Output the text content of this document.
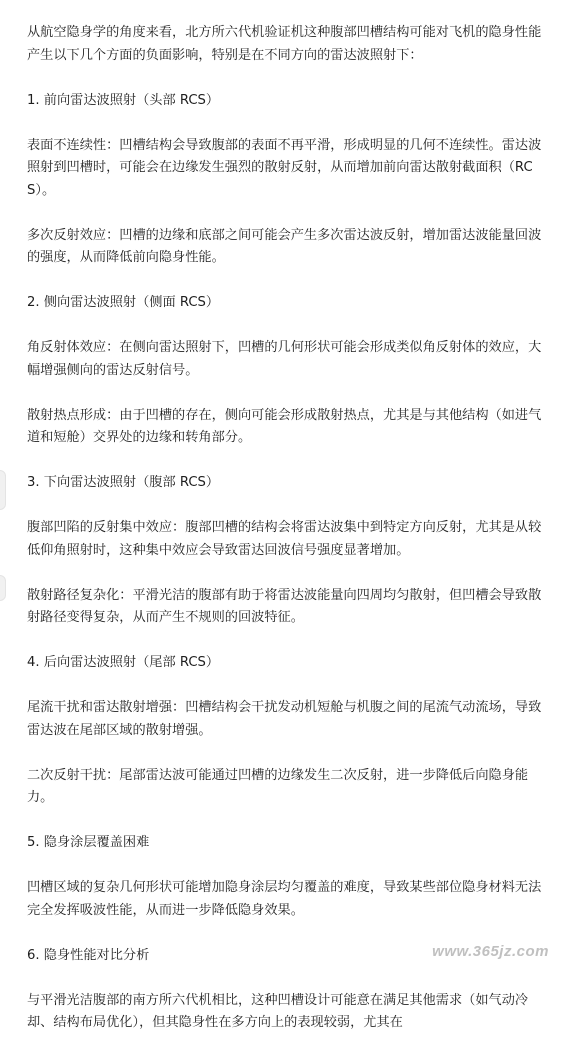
从航空隐身学的角度来看，北方所六代机验证机这种腹部凹槽结构可能对飞机的隐身性能产生以下几个方面的负面影响，特别是在不同方向的雷达波照射下：

1. 前向雷达波照射（头部 RCS）

表面不连续性：凹槽结构会导致腹部的表面不再平滑，形成明显的几何不连续性。雷达波照射到凹槽时，可能会在边缘发生强烈的散射反射，从而增加前向雷达散射截面积（RCS）。

多次反射效应：凹槽的边缘和底部之间可能会产生多次雷达波反射，增加雷达波能量回波的强度，从而降低前向隐身性能。

2. 侧向雷达波照射（侧面 RCS）

角反射体效应：在侧向雷达照射下，凹槽的几何形状可能会形成类似角反射体的效应，大幅增强侧向的雷达反射信号。

散射热点形成：由于凹槽的存在，侧向可能会形成散射热点，尤其是与其他结构（如进气道和短舱）交界处的边缘和转角部分。

3. 下向雷达波照射（腹部 RCS）

腹部凹陷的反射集中效应：腹部凹槽的结构会将雷达波集中到特定方向反射，尤其是从较低仰角照射时，这种集中效应会导致雷达回波信号强度显著增加。

散射路径复杂化：平滑光洁的腹部有助于将雷达波能量向四周均匀散射，但凹槽会导致散射路径变得复杂，从而产生不规则的回波特征。

4. 后向雷达波照射（尾部 RCS）

尾流干扰和雷达散射增强：凹槽结构会干扰发动机短舱与机腹之间的尾流气动流场，导致雷达波在尾部区域的散射增强。

二次反射干扰：尾部雷达波可能通过凹槽的边缘发生二次反射，进一步降低后向隐身能力。

5. 隐身涂层覆盖困难

凹槽区域的复杂几何形状可能增加隐身涂层均匀覆盖的难度，导致某些部位隐身材料无法完全发挥吸波性能，从而进一步降低隐身效果。

6. 隐身性能对比分析

与平滑光洁腹部的南方所六代机相比，这种凹槽设计可能意在满足其他需求（如气动冷却、结构布局优化），但其隐身性在多方向上的表现较弱，尤其在

www.365jz.com
